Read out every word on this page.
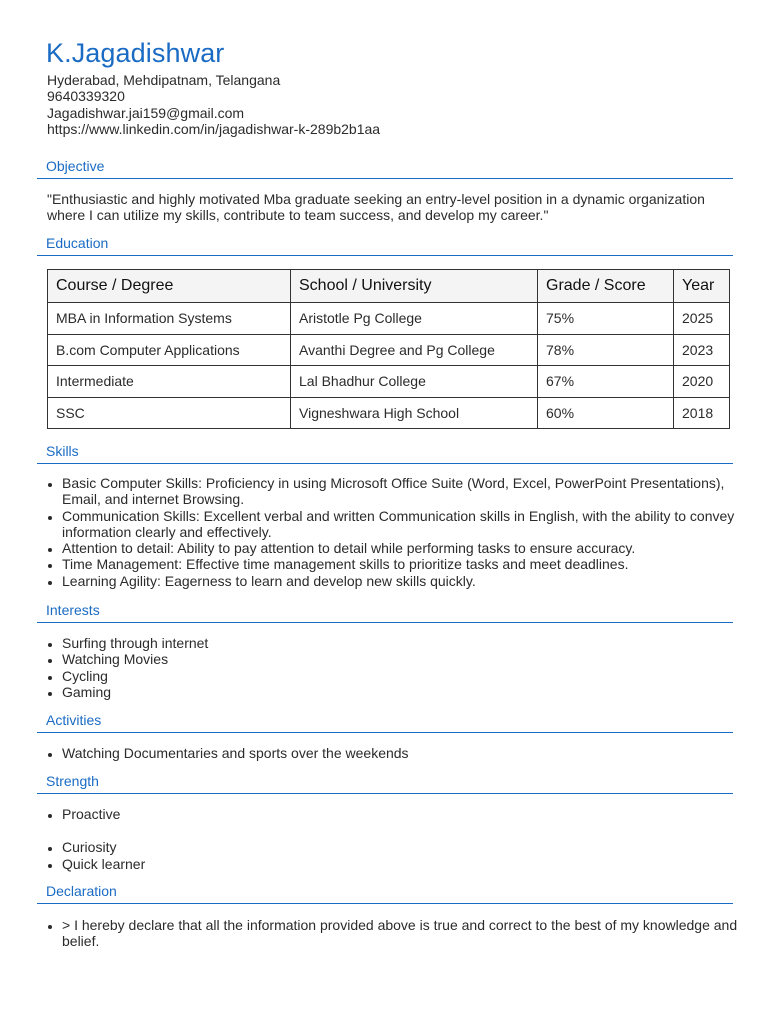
K.Jagadishwar
Hyderabad, Mehdipatnam, Telangana
9640339320
Jagadishwar.jai159@gmail.com
https://www.linkedin.com/in/jagadishwar-k-289b2b1aa
Objective
"Enthusiastic and highly motivated Mba graduate seeking an entry-level position in a dynamic organization where I can utilize my skills, contribute to team success, and develop my career."
Education
Course / Degree	School / University	Grade / Score	Year
MBA in Information Systems	Aristotle Pg College	75%	2025
B.com Computer Applications	Avanthi Degree and Pg College	78%	2023
Intermediate	Lal Bhadhur College	67%	2020
SSC	Vigneshwara High School	60%	2018
Skills
• Basic Computer Skills: Proficiency in using Microsoft Office Suite (Word, Excel, PowerPoint Presentations), Email, and internet Browsing.
• Communication Skills: Excellent verbal and written Communication skills in English, with the ability to convey information clearly and effectively.
• Attention to detail: Ability to pay attention to detail while performing tasks to ensure accuracy.
• Time Management: Effective time management skills to prioritize tasks and meet deadlines.
• Learning Agility: Eagerness to learn and develop new skills quickly.
Interests
• Surfing through internet
• Watching Movies
• Cycling
• Gaming
Activities
• Watching Documentaries and sports over the weekends
Strength
• Proactive
• Curiosity
• Quick learner
Declaration
• > I hereby declare that all the information provided above is true and correct to the best of my knowledge and belief.
